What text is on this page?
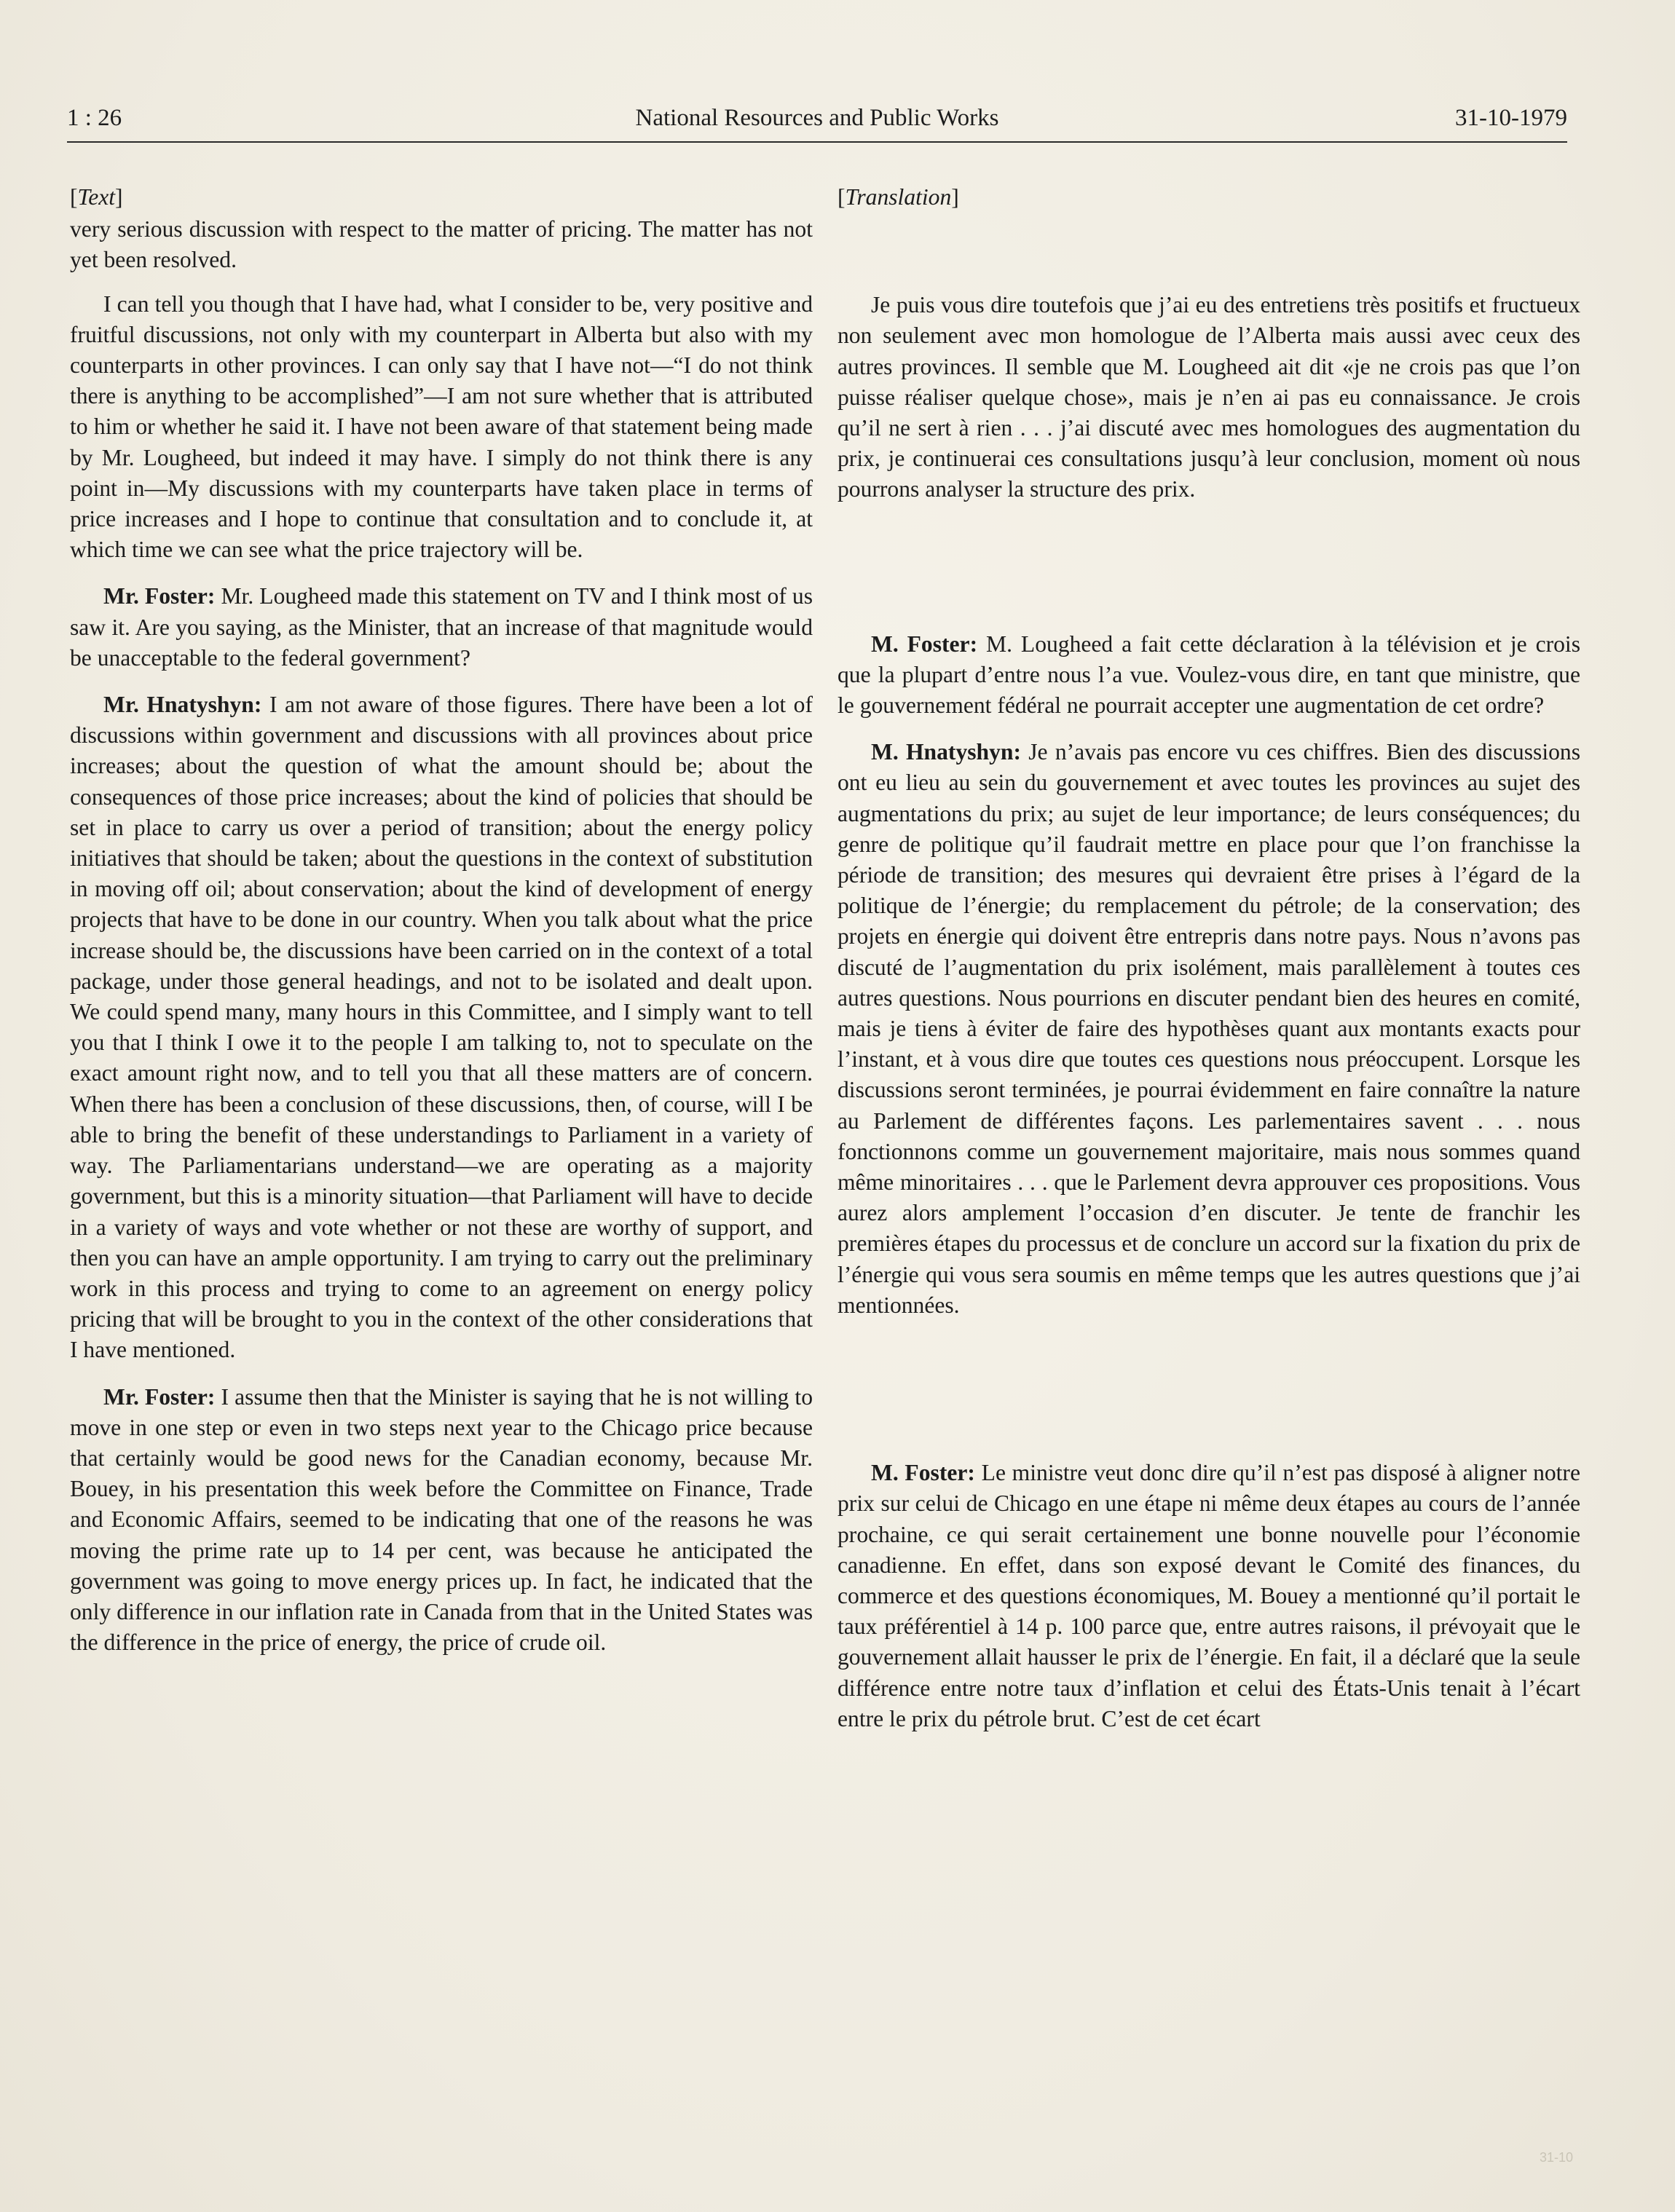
1 : 26	National Resources and Public Works	31-10-1979

[Text]

very serious discussion with respect to the matter of pricing. The matter has not yet been resolved.

I can tell you though that I have had, what I consider to be, very positive and fruitful discussions, not only with my counterpart in Alberta but also with my counterparts in other provinces. I can only say that I have not—“I do not think there is anything to be accomplished”—I am not sure whether that is attributed to him or whether he said it. I have not been aware of that statement being made by Mr. Lougheed, but indeed it may have. I simply do not think there is any point in—My discussions with my counterparts have taken place in terms of price increases and I hope to continue that consultation and to conclude it, at which time we can see what the price trajectory will be.

Mr. Foster: Mr. Lougheed made this statement on TV and I think most of us saw it. Are you saying, as the Minister, that an increase of that magnitude would be unacceptable to the federal government?

Mr. Hnatyshyn: I am not aware of those figures. There have been a lot of discussions within government and discussions with all provinces about price increases; about the question of what the amount should be; about the consequences of those price increases; about the kind of policies that should be set in place to carry us over a period of transition; about the energy policy initiatives that should be taken; about the questions in the context of substitution in moving off oil; about conservation; about the kind of development of energy projects that have to be done in our country. When you talk about what the price increase should be, the discussions have been carried on in the context of a total package, under those general headings, and not to be isolated and dealt upon. We could spend many, many hours in this Committee, and I simply want to tell you that I think I owe it to the people I am talking to, not to speculate on the exact amount right now, and to tell you that all these matters are of concern. When there has been a conclusion of these discussions, then, of course, will I be able to bring the benefit of these understandings to Parliament in a variety of way. The Parliamentarians understand—we are operating as a majority government, but this is a minority situation—that Parliament will have to decide in a variety of ways and vote whether or not these are worthy of support, and then you can have an ample opportunity. I am trying to carry out the preliminary work in this process and trying to come to an agreement on energy policy pricing that will be brought to you in the context of the other considerations that I have mentioned.

Mr. Foster: I assume then that the Minister is saying that he is not willing to move in one step or even in two steps next year to the Chicago price because that certainly would be good news for the Canadian economy, because Mr. Bouey, in his presentation this week before the Committee on Finance, Trade and Economic Affairs, seemed to be indicating that one of the reasons he was moving the prime rate up to 14 per cent, was because he anticipated the government was going to move energy prices up. In fact, he indicated that the only difference in our inflation rate in Canada from that in the United States was the difference in the price of energy, the price of crude oil.

[Translation]

Je puis vous dire toutefois que j’ai eu des entretiens très positifs et fructueux non seulement avec mon homologue de l’Alberta mais aussi avec ceux des autres provinces. Il semble que M. Lougheed ait dit «je ne crois pas que l’on puisse réaliser quelque chose», mais je n’en ai pas eu connaissance. Je crois qu’il ne sert à rien . . . j’ai discuté avec mes homologues des augmentation du prix, je continuerai ces consultations jusqu’à leur conclusion, moment où nous pourrons analyser la structure des prix.

M. Foster: M. Lougheed a fait cette déclaration à la télévision et je crois que la plupart d’entre nous l’a vue. Voulez-vous dire, en tant que ministre, que le gouvernement fédéral ne pourrait accepter une augmentation de cet ordre?

M. Hnatyshyn: Je n’avais pas encore vu ces chiffres. Bien des discussions ont eu lieu au sein du gouvernement et avec toutes les provinces au sujet des augmentations du prix; au sujet de leur importance; de leurs conséquences; du genre de politique qu’il faudrait mettre en place pour que l’on franchisse la période de transition; des mesures qui devraient être prises à l’égard de la politique de l’énergie; du remplacement du pétrole; de la conservation; des projets en énergie qui doivent être entrepris dans notre pays. Nous n’avons pas discuté de l’augmentation du prix isolément, mais parallèlement à toutes ces autres questions. Nous pourrions en discuter pendant bien des heures en comité, mais je tiens à éviter de faire des hypothèses quant aux montants exacts pour l’instant, et à vous dire que toutes ces questions nous préoccupent. Lorsque les discussions seront terminées, je pourrai évidemment en faire connaître la nature au Parlement de différentes façons. Les parlementaires savent . . . nous fonctionnons comme un gouvernement majoritaire, mais nous sommes quand même minoritaires . . . que le Parlement devra approuver ces propositions. Vous aurez alors amplement l’occasion d’en discuter. Je tente de franchir les premières étapes du processus et de conclure un accord sur la fixation du prix de l’énergie qui vous sera soumis en même temps que les autres questions que j’ai mentionnées.

M. Foster: Le ministre veut donc dire qu’il n’est pas disposé à aligner notre prix sur celui de Chicago en une étape ni même deux étapes au cours de l’année prochaine, ce qui serait certainement une bonne nouvelle pour l’économie canadienne. En effet, dans son exposé devant le Comité des finances, du commerce et des questions économiques, M. Bouey a mentionné qu’il portait le taux préférentiel à 14 p. 100 parce que, entre autres raisons, il prévoyait que le gouvernement allait hausser le prix de l’énergie. En fait, il a déclaré que la seule différence entre notre taux d’inflation et celui des États-Unis tenait à l’écart entre le prix du pétrole brut. C’est de cet écart

31-10
